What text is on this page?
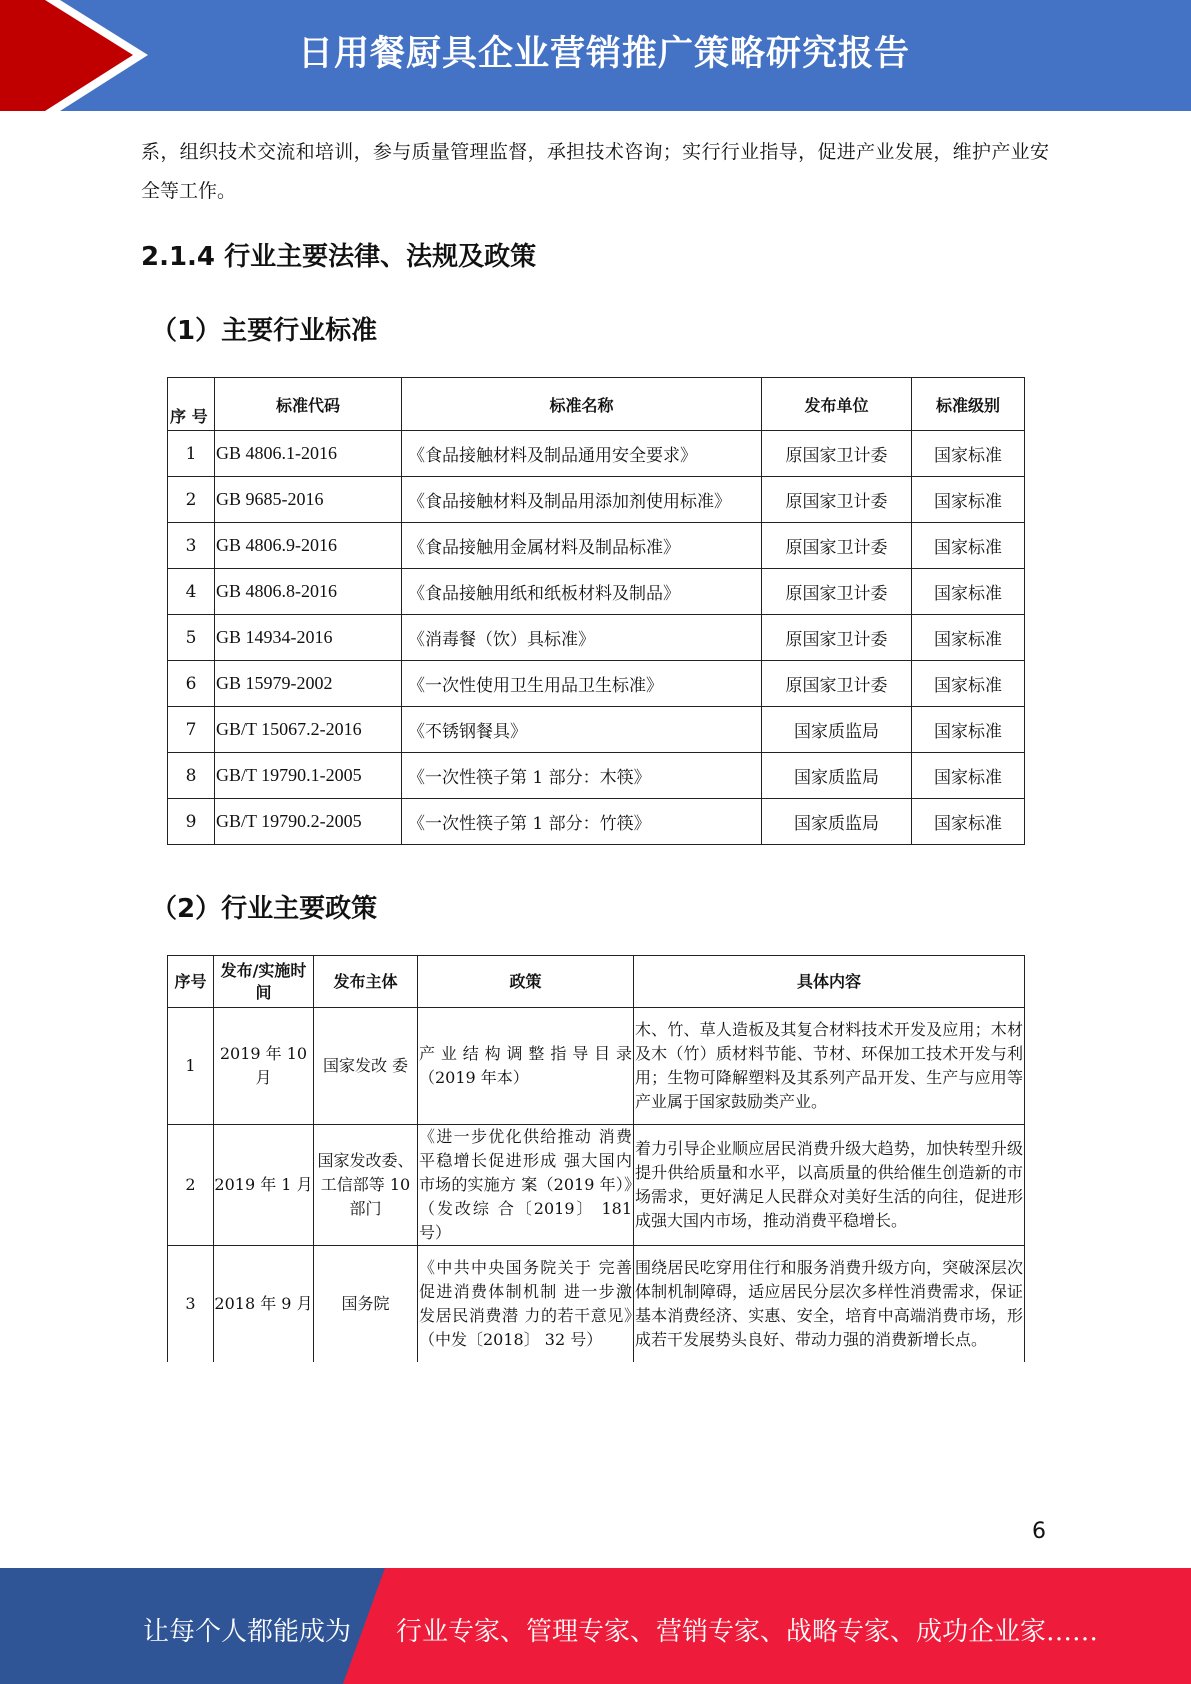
日用餐厨具企业营销推广策略研究报告

系，组织技术交流和培训，参与质量管理监督，承担技术咨询；实行行业指导，促进产业发展，维护产业安全等工作。

2.1.4 行业主要法律、法规及政策
（1）主要行业标准
序 号	标准代码	标准名称	发布单位	标准级别
1	GB 4806.1-2016	《食品接触材料及制品通用安全要求》	原国家卫计委	国家标准
2	GB 9685-2016	《食品接触材料及制品用添加剂使用标准》	原国家卫计委	国家标准
3	GB 4806.9-2016	《食品接触用金属材料及制品标准》	原国家卫计委	国家标准
4	GB 4806.8-2016	《食品接触用纸和纸板材料及制品》	原国家卫计委	国家标准
5	GB 14934-2016	《消毒餐（饮）具标准》	原国家卫计委	国家标准
6	GB 15979-2002	《一次性使用卫生用品卫生标准》	原国家卫计委	国家标准
7	GB/T 15067.2-2016	《不锈钢餐具》	国家质监局	国家标准
8	GB/T 19790.1-2005	《一次性筷子第 1 部分：木筷》	国家质监局	国家标准
9	GB/T 19790.2-2005	《一次性筷子第 1 部分：竹筷》	国家质监局	国家标准
（2）行业主要政策
序号	发布/实施时间	发布主体	政策	具体内容
1	2019 年 10 月	国家发改 委	产业结构调整指导目录（2019 年本）	木、竹、草人造板及其复合材料技术开发及应用；木材及木（竹）质材料节能、节材、环保加工技术开发与利用；生物可降解塑料及其系列产品开发、生产与应用等产业属于国家鼓励类产业。
2	2019 年 1 月	国家发改委、工信部等 10 部门	《进一步优化供给推动 消费平稳增长促进形成 强大国内市场的实施方 案（2019 年）》（发改综 合〔2019〕 181 号）	着力引导企业顺应居民消费升级大趋势，加快转型升级提升供给质量和水平，以高质量的供给催生创造新的市场需求，更好满足人民群众对美好生活的向往，促进形成强大国内市场，推动消费平稳增长。
3	2018 年 9 月	国务院	《中共中央国务院关于 完善促进消费体制机制 进一步激发居民消费潜 力的若干意见》（中发〔2018〕 32 号）	围绕居民吃穿用住行和服务消费升级方向，突破深层次体制机制障碍，适应居民分层次多样性消费需求，保证基本消费经济、实惠、安全，培育中高端消费市场，形成若干发展势头良好、带动力强的消费新增长点。
6
让每个人都能成为 行业专家、管理专家、营销专家、战略专家、成功企业家……
